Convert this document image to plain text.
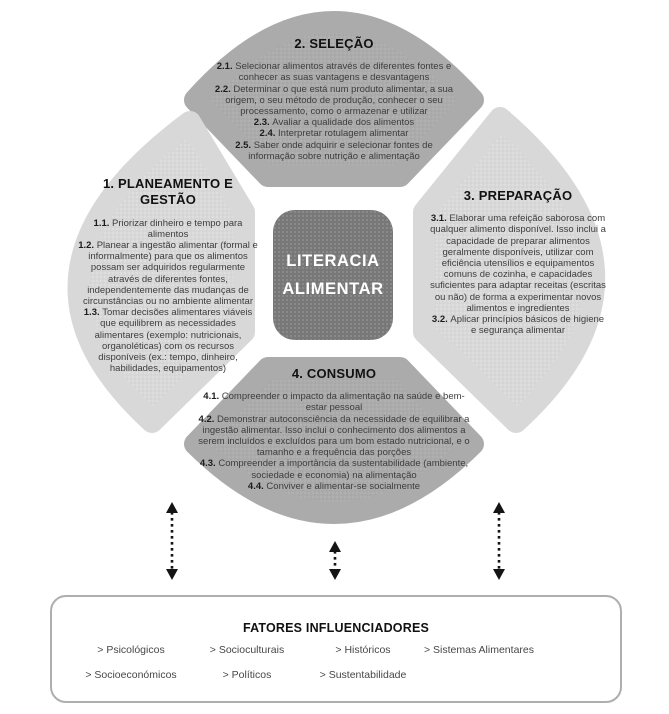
2. SELEÇÃO
2.1. Selecionar alimentos através de diferentes fontes e conhecer as suas vantagens e desvantagens
2.2. Determinar o que está num produto alimentar, a sua origem, o seu método de produção, conhecer o seu processamento, como o armazenar e utilizar
2.3. Avaliar a qualidade dos alimentos
2.4. Interpretar rotulagem alimentar
2.5. Saber onde adquirir e selecionar fontes de informação sobre nutrição e alimentação
1. PLANEAMENTO E GESTÃO
1.1. Priorizar dinheiro e tempo para alimentos
1.2. Planear a ingestão alimentar (formal e informalmente) para que os alimentos possam ser adquiridos regularmente através de diferentes fontes, independentemente das mudanças de circunstâncias ou no ambiente alimentar
1.3. Tomar decisões alimentares viáveis que equilibrem as necessidades alimentares (exemplo: nutricionais, organoléticas) com os recursos disponíveis (ex.: tempo, dinheiro, habilidades, equipamentos)
3. PREPARAÇÃO
3.1. Elaborar uma refeição saborosa com qualquer alimento disponível. Isso inclui a capacidade de preparar alimentos geralmente disponíveis, utilizar com eficiência utensílios e equipamentos comuns de cozinha, e capacidades suficientes para adaptar receitas (escritas ou não) de forma a experimentar novos alimentos e ingredientes
3.2. Aplicar princípios básicos de higiene e segurança alimentar
4. CONSUMO
4.1. Compreender o impacto da alimentação na saúde e bem-estar pessoal
4.2. Demonstrar autoconsciência da necessidade de equilibrar a ingestão alimentar. Isso inclui o conhecimento dos alimentos a serem incluídos e excluídos para um bom estado nutricional, e o tamanho e a frequência das porções
4.3. Compreender a importância da sustentabilidade (ambiente, sociedade e economia) na alimentação
4.4. Conviver e alimentar-se socialmente
LITERACIA
ALIMENTAR
FATORES INFLUENCIADORES
> Psicológicos	> Socioculturais	> Históricos	> Sistemas Alimentares
> Socioeconómicos	> Políticos	> Sustentabilidade
